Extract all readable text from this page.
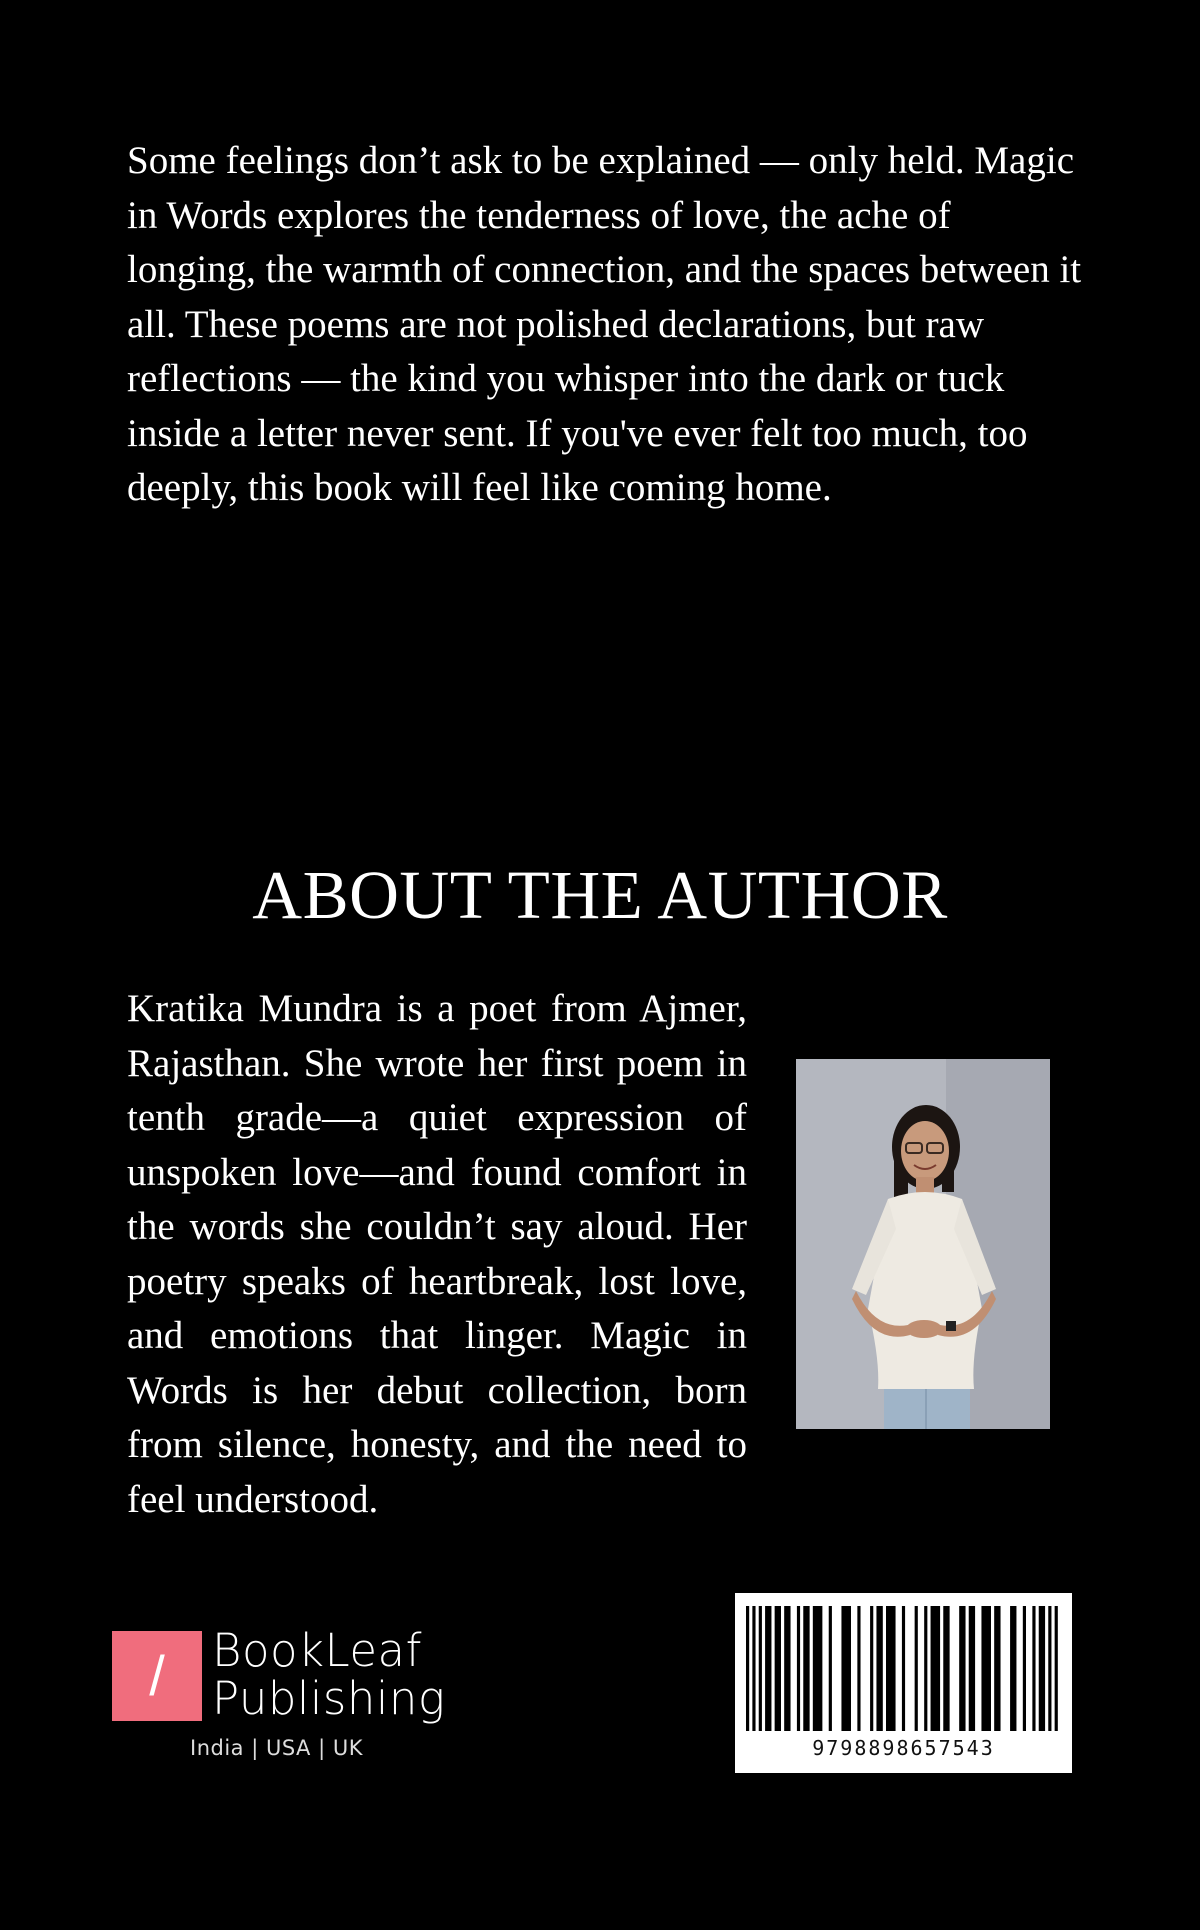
Some feelings don’t ask to be explained — only held. Magic in Words explores the tenderness of love, the ache of longing, the warmth of connection, and the spaces between it all. These poems are not polished declarations, but raw reflections — the kind you whisper into the dark or tuck inside a letter never sent. If you've ever felt too much, too deeply, this book will feel like coming home.

ABOUT THE AUTHOR

Kratika Mundra is a poet from Ajmer, Rajasthan. She wrote her first poem in tenth grade—a quiet expression of unspoken love—and found comfort in the words she couldn’t say aloud. Her poetry speaks of heartbreak, lost love, and emotions that linger. Magic in Words is her debut collection, born from silence, honesty, and the need to feel understood.

/	BookLeaf
Publishing
India | USA | UK	9798898657543
